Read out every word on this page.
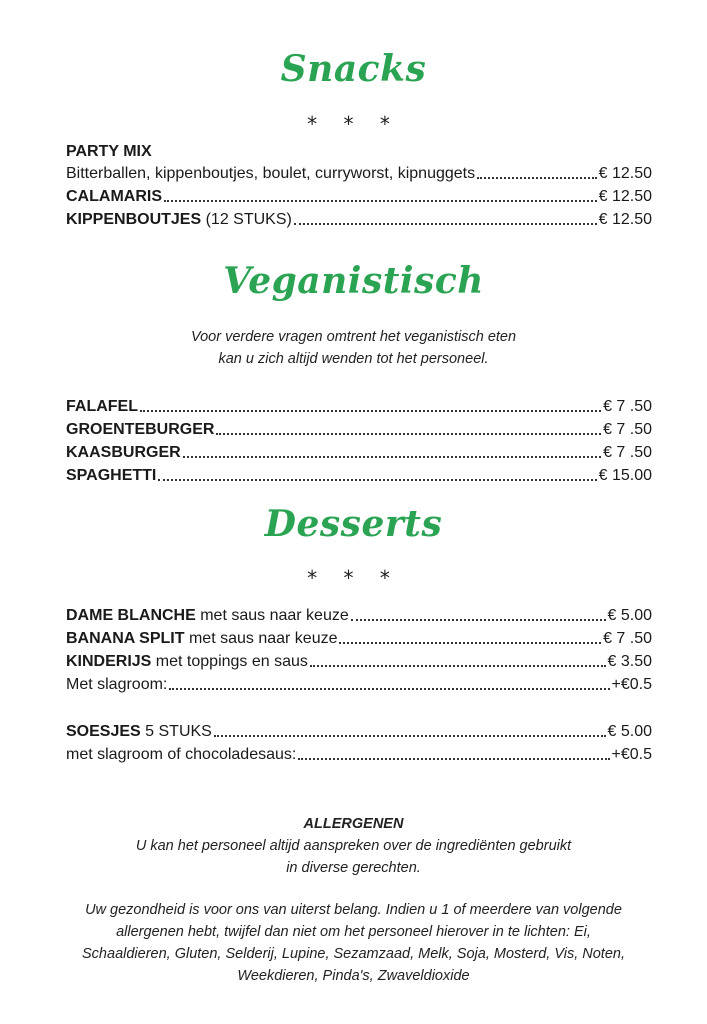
Snacks
* * *
PARTY MIX
Bitterballen, kippenboutjes, boulet, curryworst, kipnuggets	€ 12.50
CALAMARIS	€ 12.50
KIPPENBOUTJES (12 STUKS)	€ 12.50
Veganistisch
Voor verdere vragen omtrent het veganistisch eten
kan u zich altijd wenden tot het personeel.
FALAFEL	€ 7 .50
GROENTEBURGER	€ 7 .50
KAASBURGER	€ 7 .50
SPAGHETTI	€ 15.00
Desserts
* * *
DAME BLANCHE met saus naar keuze	€ 5.00
BANANA SPLIT met saus naar keuze	€ 7 .50
KINDERIJS met toppings en saus	€ 3.50
Met slagroom:	+€0.5
SOESJES 5 STUKS	€ 5.00
met slagroom of chocoladesaus:	+€0.5
ALLERGENEN
U kan het personeel altijd aanspreken over de ingrediënten gebruikt
in diverse gerechten.
Uw gezondheid is voor ons van uiterst belang. Indien u 1 of meerdere van volgende
allergenen hebt, twijfel dan niet om het personeel hierover in te lichten: Ei,
Schaaldieren, Gluten, Selderij, Lupine, Sezamzaad, Melk, Soja, Mosterd, Vis, Noten,
Weekdieren, Pinda's, Zwaveldioxide
